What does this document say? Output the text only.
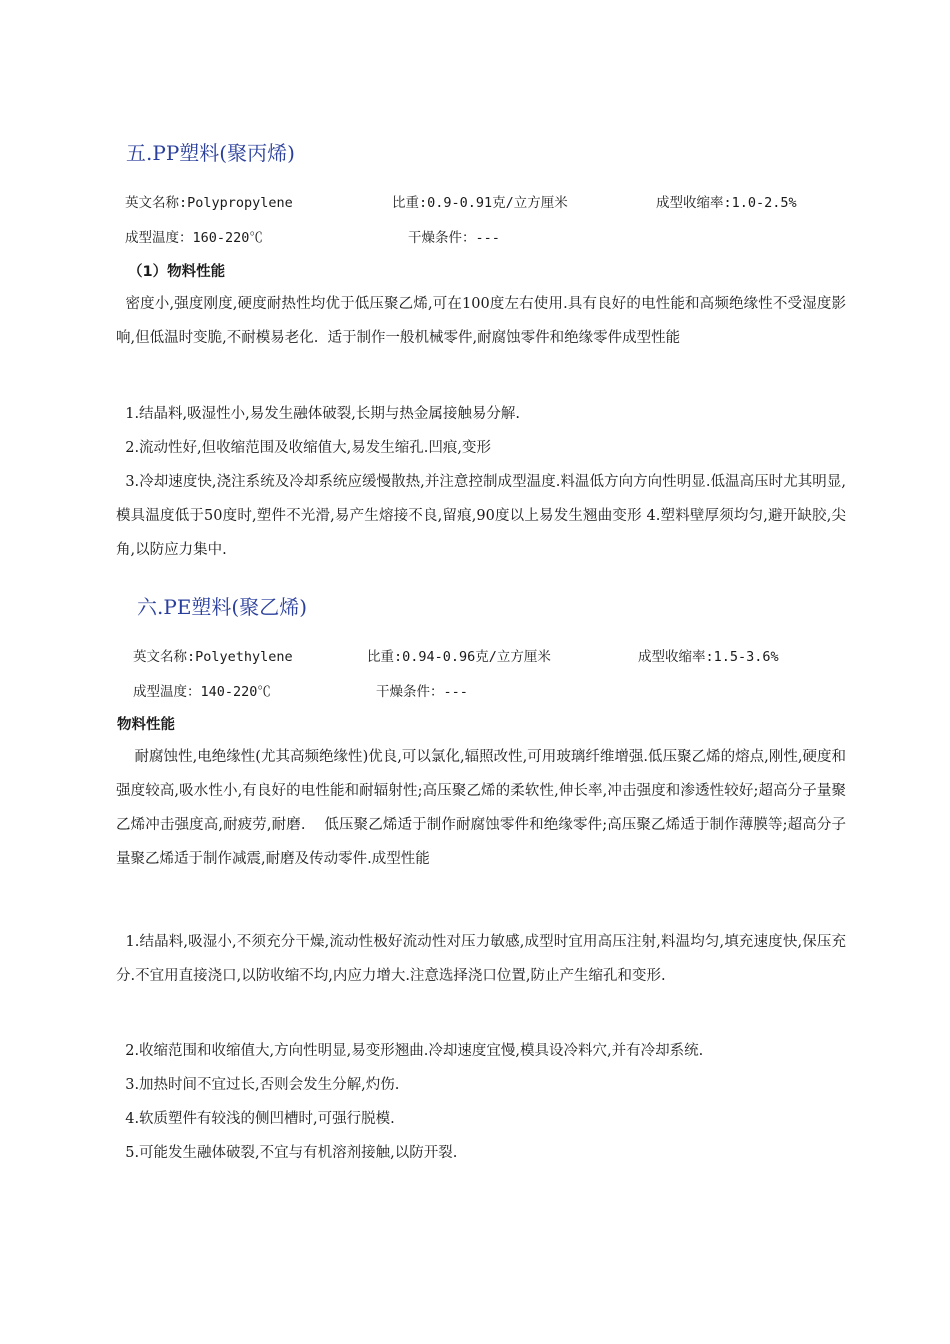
五.PP塑料(聚丙烯)
英文名称:Polypropylene	比重:0.9-0.91克/立方厘米	成型收缩率:1.0-2.5%
成型温度：160-220℃	干燥条件：---
（1）物料性能
密度小,强度刚度,硬度耐热性均优于低压聚乙烯,可在100度左右使用.具有良好的电性能和高频绝缘性不受湿度影响,但低温时变脆,不耐模易老化.  适于制作一般机械零件,耐腐蚀零件和绝缘零件成型性能
1.结晶料,吸湿性小,易发生融体破裂,长期与热金属接触易分解.
2.流动性好,但收缩范围及收缩值大,易发生缩孔.凹痕,变形
3.冷却速度快,浇注系统及冷却系统应缓慢散热,并注意控制成型温度.料温低方向方向性明显.低温高压时尤其明显,模具温度低于50度时,塑件不光滑,易产生熔接不良,留痕,90度以上易发生翘曲变形 4.塑料壁厚须均匀,避开缺胶,尖角,以防应力集中.
六.PE塑料(聚乙烯)
英文名称:Polyethylene	比重:0.94-0.96克/立方厘米	成型收缩率:1.5-3.6%
成型温度：140-220℃	干燥条件：---
物料性能
耐腐蚀性,电绝缘性(尤其高频绝缘性)优良,可以氯化,辐照改性,可用玻璃纤维增强.低压聚乙烯的熔点,刚性,硬度和强度较高,吸水性小,有良好的电性能和耐辐射性;高压聚乙烯的柔软性,伸长率,冲击强度和渗透性较好;超高分子量聚乙烯冲击强度高,耐疲劳,耐磨.    低压聚乙烯适于制作耐腐蚀零件和绝缘零件;高压聚乙烯适于制作薄膜等;超高分子量聚乙烯适于制作减震,耐磨及传动零件.成型性能
1.结晶料,吸湿小,不须充分干燥,流动性极好流动性对压力敏感,成型时宜用高压注射,料温均匀,填充速度快,保压充分.不宜用直接浇口,以防收缩不均,内应力增大.注意选择浇口位置,防止产生缩孔和变形.
2.收缩范围和收缩值大,方向性明显,易变形翘曲.冷却速度宜慢,模具设冷料穴,并有冷却系统.
3.加热时间不宜过长,否则会发生分解,灼伤.
4.软质塑件有较浅的侧凹槽时,可强行脱模.
5.可能发生融体破裂,不宜与有机溶剂接触,以防开裂.
